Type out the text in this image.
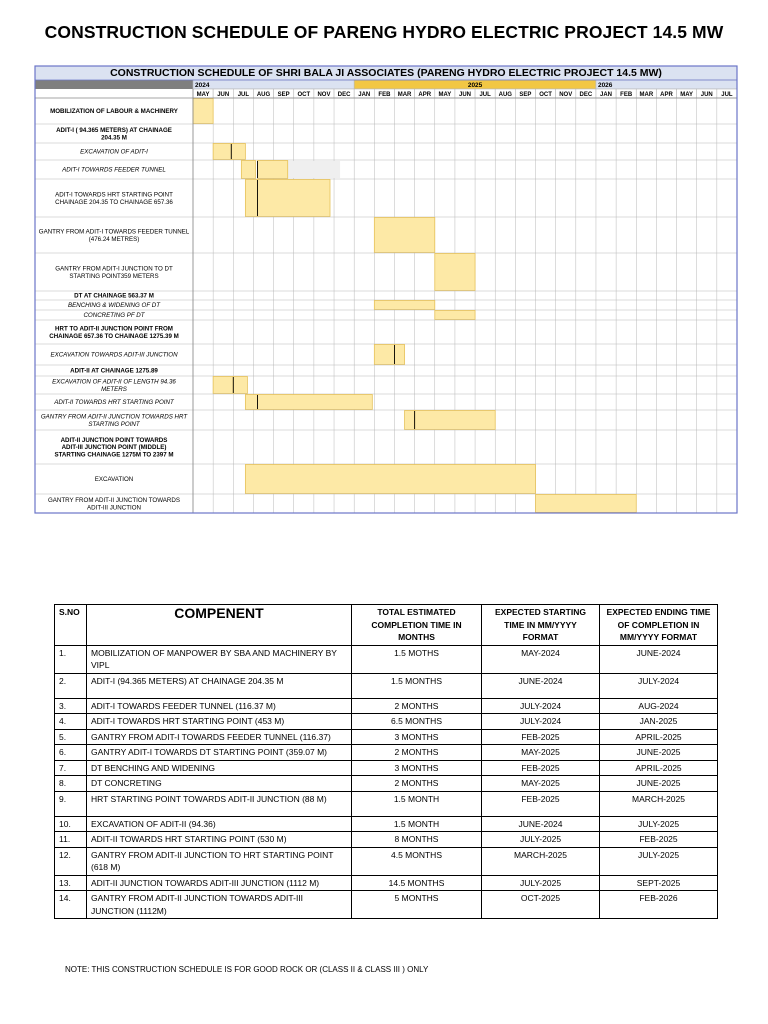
CONSTRUCTION SCHEDULE OF PARENG HYDRO ELECTRIC PROJECT 14.5 MW
CONSTRUCTION SCHEDULE OF SHRI BALA JI ASSOCIATES (PARENG HYDRO ELECTRIC PROJECT 14.5 MW)
2024	2025	2026
MAY JUN JUL AUG SEP OCT NOV DEC JAN FEB MAR APR MAY JUN JUL AUG SEP OCT NOV DEC JAN FEB MAR APR MAY JUN JUL
MOBILIZATION OF LABOUR & MACHINERY
ADIT-I ( 94.365 METERS) AT CHAINAGE 204.35 M
EXCAVATION OF ADIT-I
ADIT-I TOWARDS FEEDER TUNNEL
ADIT-I TOWARDS HRT STARTING POINT CHAINAGE 204.35 TO CHAINAGE 657.36
GANTRY FROM ADIT-I TOWARDS FEEDER TUNNEL (476.24 METRES)
GANTRY FROM ADIT-I JUNCTION TO DT STARTING POINT359 METERS
DT AT CHAINAGE 563.37 M
BENCHING & WIDENING OF DT
CONCRETING PF DT
HRT TO ADIT-II JUNCTION POINT FROM CHAINAGE 657.36 TO CHAINAGE 1275.39 M
EXCAVATION TOWARDS ADIT-III JUNCTION
ADIT-II AT CHAINAGE 1275.89
EXCAVATION OF ADIT-II OF LENGTH 94.36 METERS
ADIT-II TOWARDS HRT STARTING POINT
GANTRY FROM ADIT-II JUNCTION TOWARDS HRT STARTING POINT
ADIT-II JUNCTION POINT TOWARDS ADIT-III JUNCTION POINT (MIDDLE) STARTING CHAINAGE 1275M TO 2397 M
EXCAVATION
GANTRY FROM ADIT-II JUNCTION TOWARDS ADIT-III JUNCTION
S.NO	COMPENENT	TOTAL ESTIMATED COMPLETION TIME IN MONTHS	EXPECTED STARTING TIME IN MM/YYYY FORMAT	EXPECTED ENDING TIME OF COMPLETION IN MM/YYYY FORMAT
1.	MOBILIZATION OF MANPOWER BY SBA AND MACHINERY BY VIPL	1.5 MOTHS	MAY-2024	JUNE-2024
2.	ADIT-I (94.365 METERS) AT CHAINAGE 204.35 M	1.5 MONTHS	JUNE-2024	JULY-2024
3.	ADIT-I TOWARDS FEEDER TUNNEL (116.37 M)	2 MONTHS	JULY-2024	AUG-2024
4.	ADIT-I TOWARDS HRT STARTING POINT (453 M)	6.5 MONTHS	JULY-2024	JAN-2025
5.	GANTRY FROM ADIT-I TOWARDS FEEDER TUNNEL (116.37)	3 MONTHS	FEB-2025	APRIL-2025
6.	GANTRY ADIT-I TOWARDS DT STARTING POINT (359.07 M)	2 MONTHS	MAY-2025	JUNE-2025
7.	DT BENCHING AND WIDENING	3 MONTHS	FEB-2025	APRIL-2025
8.	DT CONCRETING	2 MONTHS	MAY-2025	JUNE-2025
9.	HRT STARTING POINT TOWARDS ADIT-II JUNCTION (88 M)	1.5 MONTH	FEB-2025	MARCH-2025
10.	EXCAVATION OF ADIT-II (94.36)	1.5 MONTH	JUNE-2024	JULY-2025
11.	ADIT-II TOWARDS HRT STARTING POINT (530 M)	8 MONTHS	JULY-2025	FEB-2025
12.	GANTRY FROM ADIT-II JUNCTION TO HRT STARTING POINT (618 M)	4.5 MONTHS	MARCH-2025	JULY-2025
13.	ADIT-II JUNCTION TOWARDS ADIT-III JUNCTION (1112 M)	14.5 MONTHS	JULY-2025	SEPT-2025
14.	GANTRY FROM ADIT-II JUNCTION TOWARDS ADIT-III JUNCTION (1112M)	5 MONTHS	OCT-2025	FEB-2026
NOTE: THIS CONSTRUCTION SCHEDULE IS FOR GOOD ROCK OR (CLASS II & CLASS III ) ONLY
